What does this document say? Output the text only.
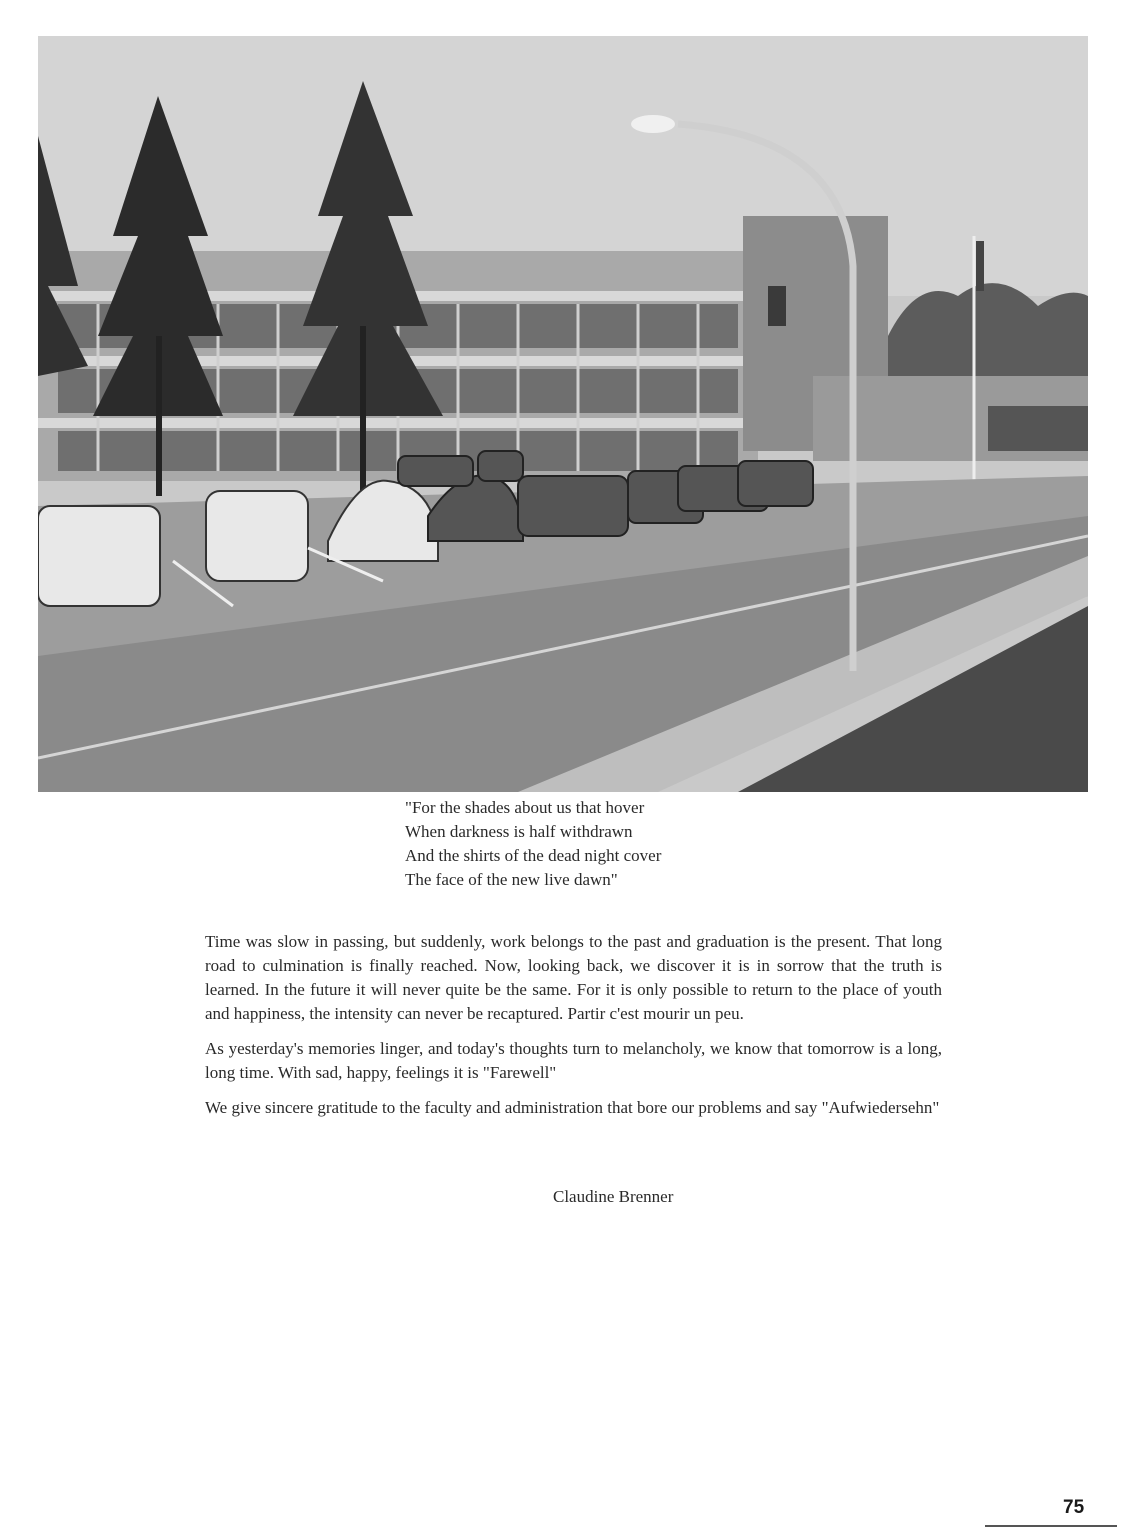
"For the shades about us that hover
When darkness is half withdrawn
And the shirts of the dead night cover
The face of the new live dawn"

Time was slow in passing, but suddenly, work belongs to the past and graduation is the present. That long road to culmination is finally reached. Now, looking back, we discover it is in sorrow that the truth is learned. In the future it will never quite be the same. For it is only possible to return to the place of youth and happiness, the intensity can never be recaptured. Partir c'est mourir un peu.

As yesterday's memories linger, and today's thoughts turn to melancholy, we know that tomorrow is a long, long time. With sad, happy, feelings it is "Farewell"

We give sincere gratitude to the faculty and administration that bore our problems and say "Aufwiedersehn"

Claudine Brenner
75
